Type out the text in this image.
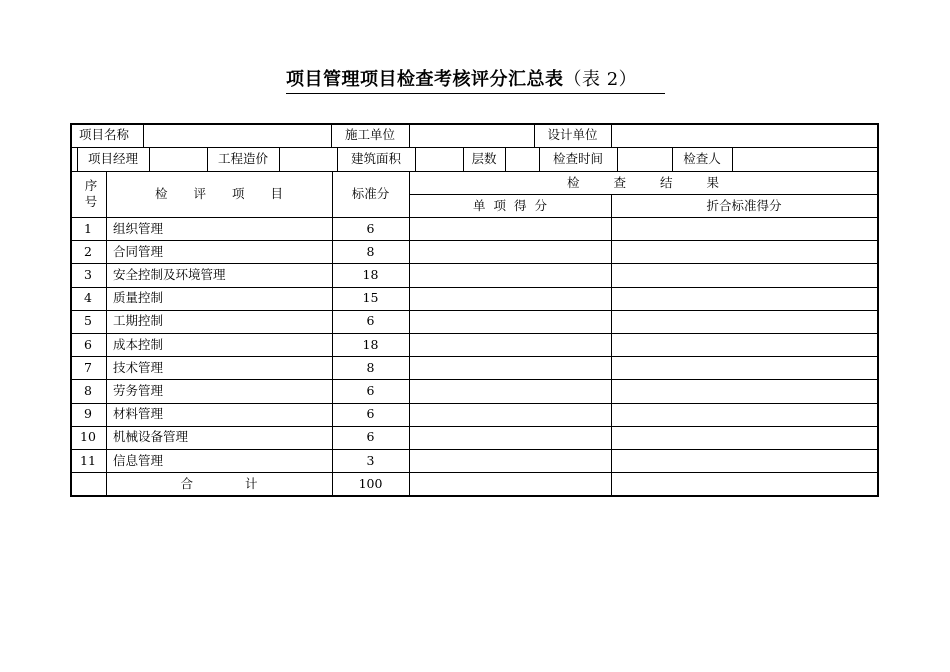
项目管理项目检查考核评分汇总表（表 2）
项目名称	施工单位	设计单位
项目经理	工程造价	建筑面积	层数	检查时间	检查人
序号
检 评 项 目	标准分
检 查 结 果
单 项 得 分	折合标准得分
1	组织管理	6
2	合同管理	8
3	安全控制及环境管理	18
4	质量控制	15
5	工期控制	6
6	成本控制	18
7	技术管理	8
8	劳务管理	6
9	材料管理	6
10	机械设备管理	6
11	信息管理	3
合 计	100
